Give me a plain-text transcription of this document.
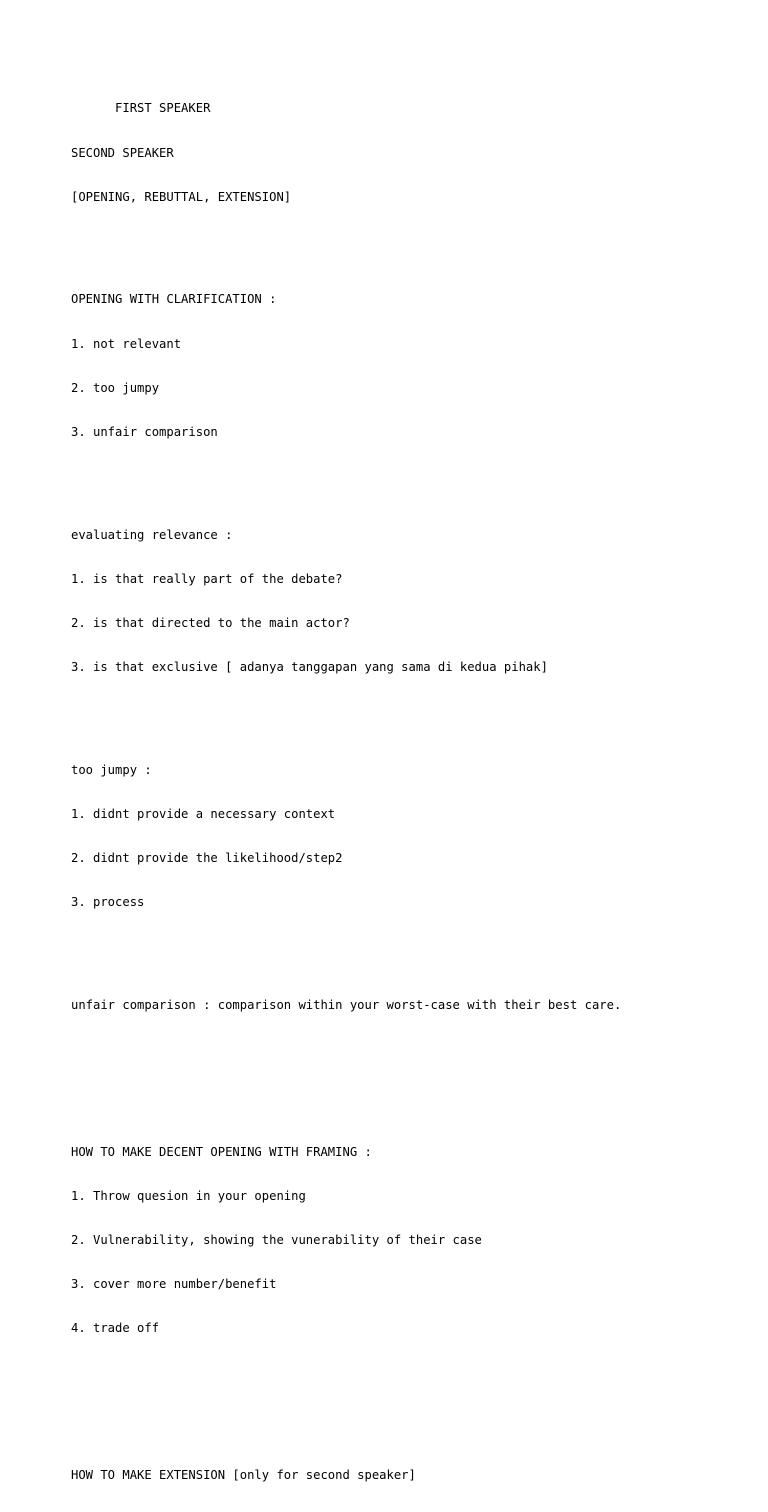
FIRST SPEAKER

SECOND SPEAKER

[OPENING, REBUTTAL, EXTENSION]

OPENING WITH CLARIFICATION :

1. not relevant

2. too jumpy

3. unfair comparison

evaluating relevance :

1. is that really part of the debate?

2. is that directed to the main actor?

3. is that exclusive [ adanya tanggapan yang sama di kedua pihak]

too jumpy :

1. didnt provide a necessary context

2. didnt provide the likelihood/step2

3. process

unfair comparison : comparison within your worst-case with their best care.

HOW TO MAKE DECENT OPENING WITH FRAMING :

1. Throw quesion in your opening

2. Vulnerability, showing the vunerability of their case

3. cover more number/benefit

4. trade off

HOW TO MAKE EXTENSION [only for second speaker]
